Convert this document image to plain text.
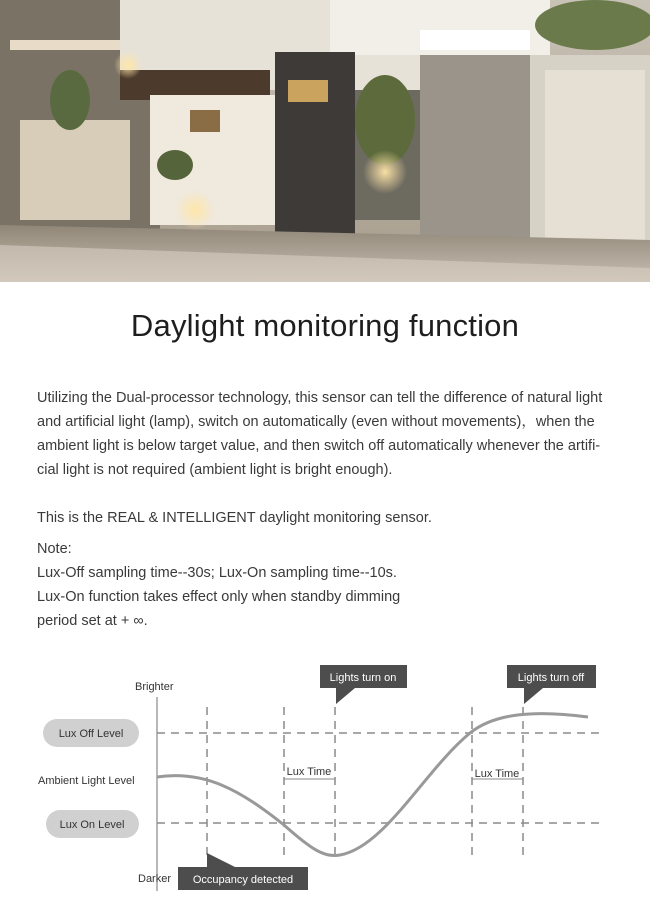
Daylight monitoring function
Utilizing the Dual-processor technology, this sensor can tell the difference of natural light
and artificial light (lamp), switch on automatically (even without movements)，when the
ambient light is below target value, and then switch off automatically whenever the artifi-
cial light is not required (ambient light is bright enough).
This is the REAL & INTELLIGENT daylight monitoring sensor.
Note:
Lux-Off sampling time--30s; Lux-On sampling time--10s.
Lux-On function takes effect only when standby dimming
period set at + ∞.
Lux Time	Lux Time
Brighter
Darker
Ambient Light Level
Lux Off Level
Lux On Level
Lights turn on	Lights turn off
Occupancy detected
